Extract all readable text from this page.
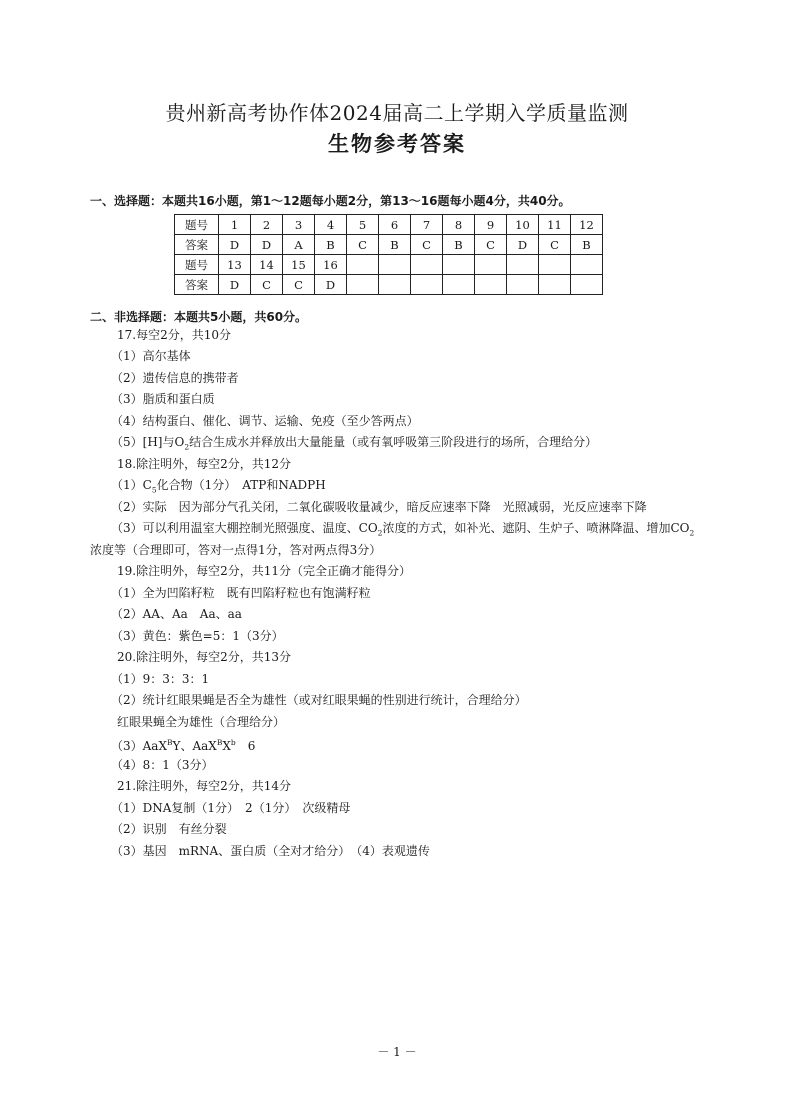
贵州新高考协作体2024届高二上学期入学质量监测
生物参考答案
一、选择题：本题共16小题，第1～12题每小题2分，第13～16题每小题4分，共40分。
题号	1	2	3	4	5	6	7	8	9	10	11	12
答案	D	D	A	B	C	B	C	B	C	D	C	B
题号	13	14	15	16								
答案	D	C	C	D								
二、非选择题：本题共5小题，共60分。
17.每空2分，共10分
（1）高尔基体
（2）遗传信息的携带者
（3）脂质和蛋白质
（4）结构蛋白、催化、调节、运输、免疫（至少答两点）
（5）[H]与$O_2$结合生成水并释放出大量能量（或有氧呼吸第三阶段进行的场所，合理给分）
18.除注明外，每空2分，共12分
$(1)C_5$化合物（1分）　ATP和NADPH
（2）实际　因为部分气孔关闭，二氧化碳吸收量减少，暗反应速率下降　光照减弱，光反应速率下降
（3）可以利用温室大棚控制光照强度、温度、$CO_2$浓度的方式，如补光、遮阴、生炉子、喷淋降温、增加$CO_2$
浓度等（合理即可，答对一点得1分，答对两点得3分）
19.除注明外，每空2分，共11分（完全正确才能得分）
（1）全为凹陷籽粒　既有凹陷籽粒也有饱满籽粒
（2）AA、Aa　Aa、aa
（3）黄色：紫色=5：1（3分）
20.除注明外，每空2分，共13分
（1）9：3：3：1
（2）统计红眼果蝇是否全为雄性（或对红眼果蝇的性别进行统计，合理给分）
红眼果蝇全为雄性（合理给分）
（3）AaX$^B$Y、$AaX^BX^b$　6
（4）8：1（3分）
21.除注明外，每空2分，共14分
（1）DNA复制（1分）　2（1分）　次级精母
（2）识别　有丝分裂
（3）基因　mRNA、蛋白质（全对才给分）　（4）表观遗传
－ 1 －
